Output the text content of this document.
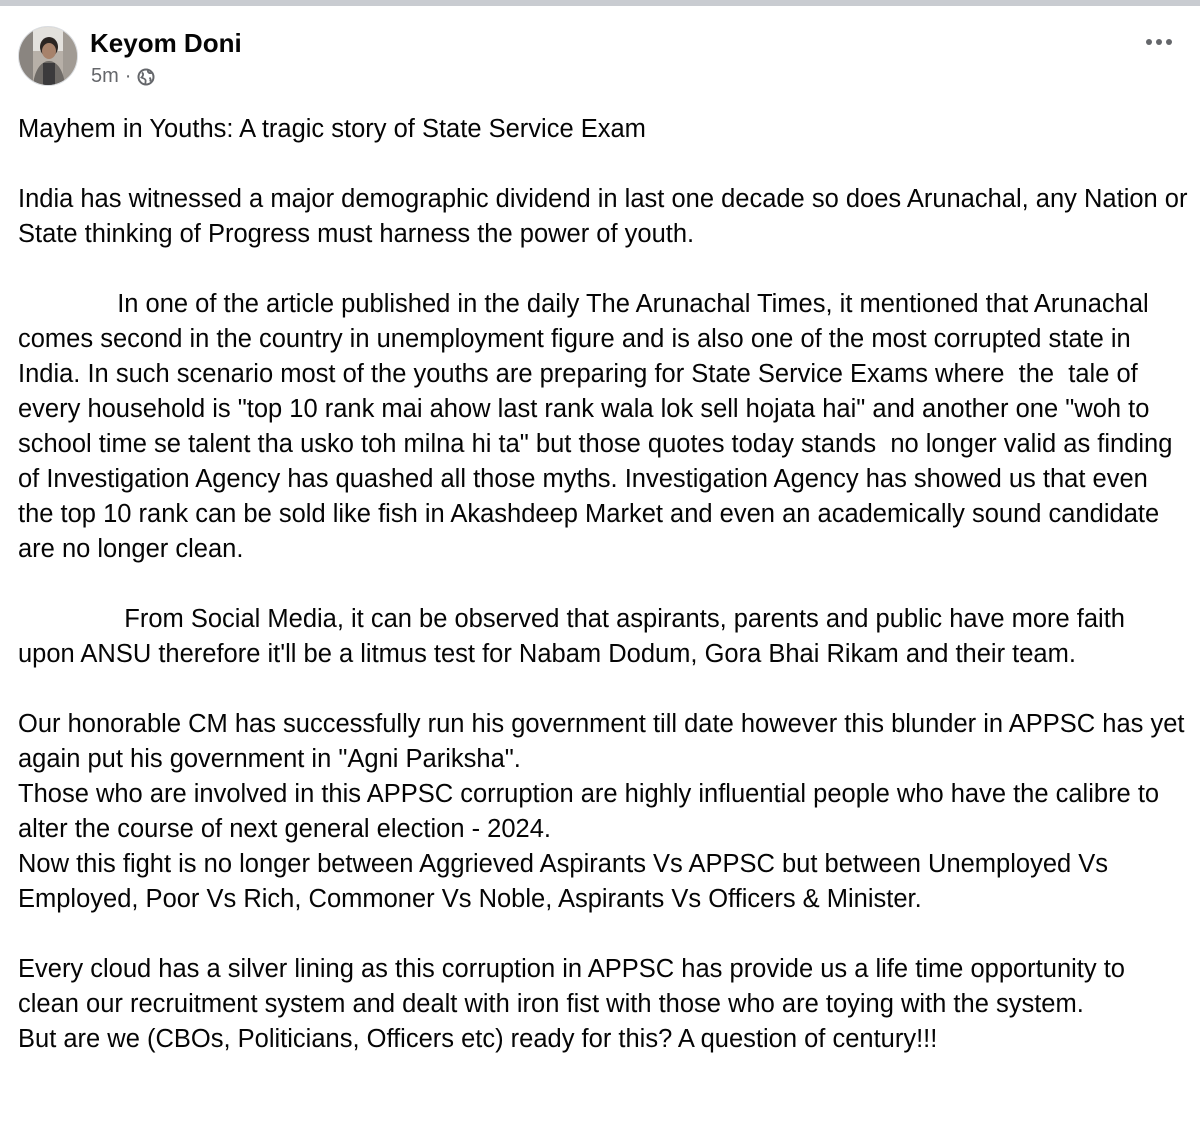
Keyom Doni
5m ·

Mayhem in Youths: A tragic story of State Service Exam

India has witnessed a major demographic dividend in last one decade so does Arunachal, any Nation or State thinking of Progress must harness the power of youth.

In one of the article published in the daily The Arunachal Times, it mentioned that Arunachal comes second in the country in unemployment figure and is also one of the most corrupted state in India. In such scenario most of the youths are preparing for State Service Exams where  the  tale of every household is "top 10 rank mai ahow last rank wala lok sell hojata hai" and another one "woh to school time se talent tha usko toh milna hi ta" but those quotes today stands  no longer valid as finding of Investigation Agency has quashed all those myths. Investigation Agency has showed us that even the top 10 rank can be sold like fish in Akashdeep Market and even an academically sound candidate are no longer clean.

From Social Media, it can be observed that aspirants, parents and public have more faith upon ANSU therefore it'll be a litmus test for Nabam Dodum, Gora Bhai Rikam and their team.

Our honorable CM has successfully run his government till date however this blunder in APPSC has yet again put his government in "Agni Pariksha".
Those who are involved in this APPSC corruption are highly influential people who have the calibre to alter the course of next general election - 2024.
Now this fight is no longer between Aggrieved Aspirants Vs APPSC but between Unemployed Vs Employed, Poor Vs Rich, Commoner Vs Noble, Aspirants Vs Officers & Minister.

Every cloud has a silver lining as this corruption in APPSC has provide us a life time opportunity to clean our recruitment system and dealt with iron fist with those who are toying with the system.
But are we (CBOs, Politicians, Officers etc) ready for this? A question of century!!!
